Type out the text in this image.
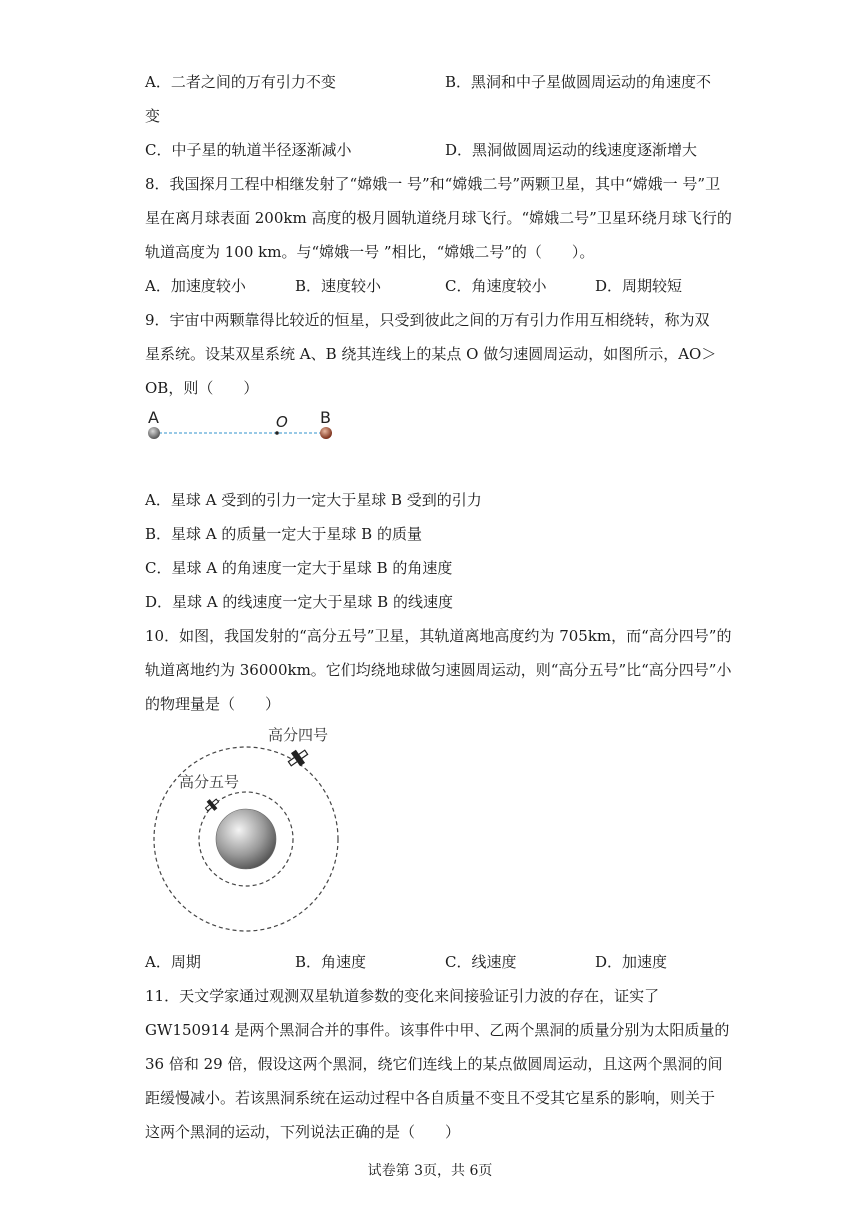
A．二者之间的万有引力不变	B．黑洞和中子星做圆周运动的角速度不
变
C．中子星的轨道半径逐渐减小	D．黑洞做圆周运动的线速度逐渐增大
8．我国探月工程中相继发射了“嫦娥一 号”和“嫦娥二号”两颗卫星，其中“嫦娥一 号”卫
星在离月球表面 200km 高度的极月圆轨道绕月球飞行。“嫦娥二号”卫星环绕月球飞行的
轨道高度为 100 km。与“嫦娥一号 ”相比，“嫦娥二号”的（　　）。
A．加速度较小	B．速度较小	C．角速度较小	D．周期较短
9．宇宙中两颗靠得比较近的恒星，只受到彼此之间的万有引力作用互相绕转，称为双
星系统。设某双星系统 A、B 绕其连线上的某点 O 做匀速圆周运动，如图所示，AO＞
OB，则（　　）
A	O B
A．星球 A 受到的引力一定大于星球 B 受到的引力
B．星球 A 的质量一定大于星球 B 的质量
C．星球 A 的角速度一定大于星球 B 的角速度
D．星球 A 的线速度一定大于星球 B 的线速度
10．如图，我国发射的“高分五号”卫星，其轨道离地高度约为 705km，而“高分四号”的
轨道离地约为 36000km。它们均绕地球做匀速圆周运动，则“高分五号”比“高分四号”小
的物理量是（　　）
高分四号
高分五号
A．周期	B．角速度	C．线速度	D．加速度
11．天文学家通过观测双星轨道参数的变化来间接验证引力波的存在，证实了
GW150914 是两个黑洞合并的事件。该事件中甲、乙两个黑洞的质量分别为太阳质量的
36 倍和 29 倍，假设这两个黑洞，绕它们连线上的某点做圆周运动，且这两个黑洞的间
距缓慢减小。若该黑洞系统在运动过程中各自质量不变且不受其它星系的影响，则关于
这两个黑洞的运动，下列说法正确的是（　　）
试卷第 3页，共 6页
